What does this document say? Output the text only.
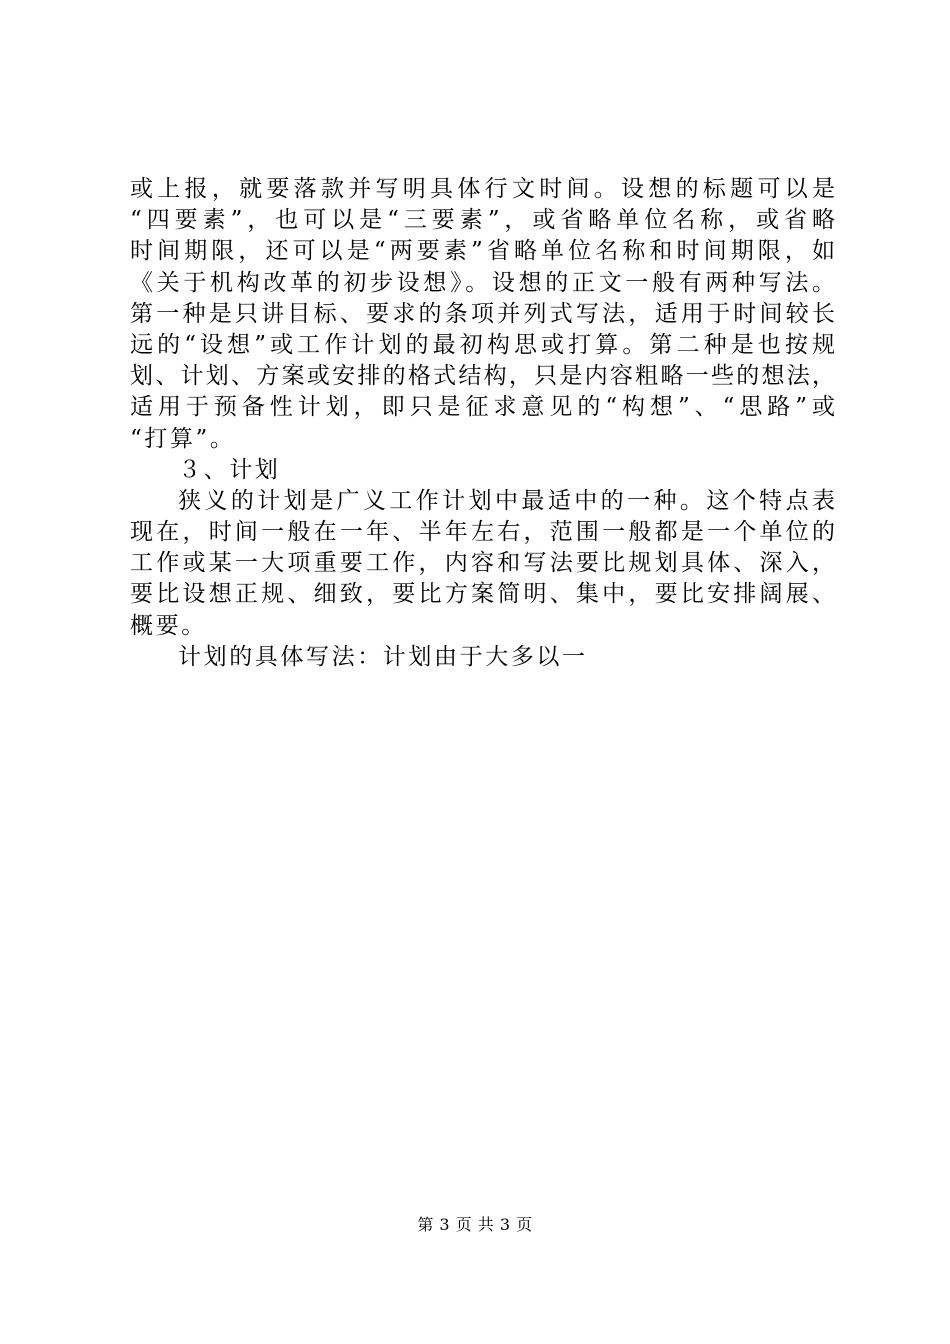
或上报，就要落款并写明具体行文时间。设想的标题可以是
“四要素”，也可以是“三要素”，或省略单位名称，或省略
时间期限，还可以是“两要素”省略单位名称和时间期限，如
《关于机构改革的初步设想》。设想的正文一般有两种写法。
第一种是只讲目标、要求的条项并列式写法，适用于时间较长
远的“设想”或工作计划的最初构思或打算。第二种是也按规
划、计划、方案或安排的格式结构，只是内容粗略一些的想法，
适用于预备性计划，即只是征求意见的“构想”、“思路”或
“打算”。
３、计划
狭义的计划是广义工作计划中最适中的一种。这个特点表
现在，时间一般在一年、半年左右，范围一般都是一个单位的
工作或某一大项重要工作，内容和写法要比规划具体、深入，
要比设想正规、细致，要比方案简明、集中，要比安排阔展、
概要。
计划的具体写法：计划由于大多以一
第 3 页 共 3 页
